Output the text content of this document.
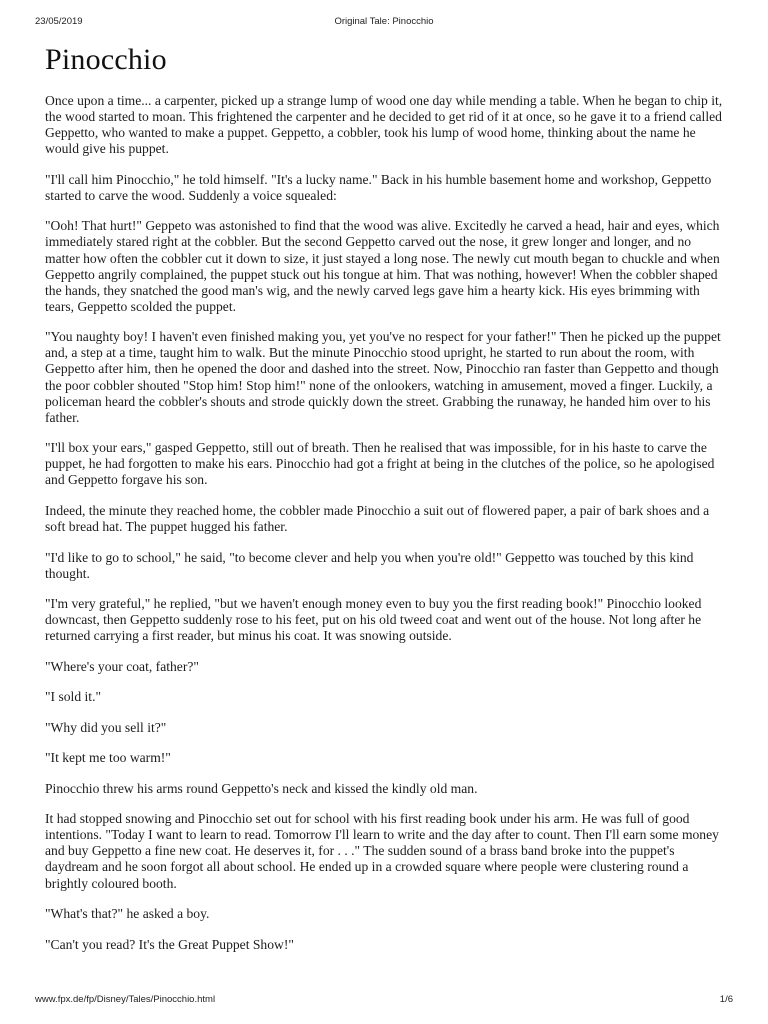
23/05/2019	Original Tale: Pinocchio
Pinocchio

Once upon a time... a carpenter, picked up a strange lump of wood one day while mending a table. When he began to chip it, the wood started to moan. This frightened the carpenter and he decided to get rid of it at once, so he gave it to a friend called Geppetto, who wanted to make a puppet. Geppetto, a cobbler, took his lump of wood home, thinking about the name he would give his puppet.

"I'll call him Pinocchio," he told himself. "It's a lucky name." Back in his humble basement home and workshop, Geppetto started to carve the wood. Suddenly a voice squealed:

"Ooh! That hurt!" Geppeto was astonished to find that the wood was alive. Excitedly he carved a head, hair and eyes, which immediately stared right at the cobbler. But the second Geppetto carved out the nose, it grew longer and longer, and no matter how often the cobbler cut it down to size, it just stayed a long nose. The newly cut mouth began to chuckle and when Geppetto angrily complained, the puppet stuck out his tongue at him. That was nothing, however! When the cobbler shaped the hands, they snatched the good man's wig, and the newly carved legs gave him a hearty kick. His eyes brimming with tears, Geppetto scolded the puppet.

"You naughty boy! I haven't even finished making you, yet you've no respect for your father!" Then he picked up the puppet and, a step at a time, taught him to walk. But the minute Pinocchio stood upright, he started to run about the room, with Geppetto after him, then he opened the door and dashed into the street. Now, Pinocchio ran faster than Geppetto and though the poor cobbler shouted "Stop him! Stop him!" none of the onlookers, watching in amusement, moved a finger. Luckily, a policeman heard the cobbler's shouts and strode quickly down the street. Grabbing the runaway, he handed him over to his father.

"I'll box your ears," gasped Geppetto, still out of breath. Then he realised that was impossible, for in his haste to carve the puppet, he had forgotten to make his ears. Pinocchio had got a fright at being in the clutches of the police, so he apologised and Geppetto forgave his son.

Indeed, the minute they reached home, the cobbler made Pinocchio a suit out of flowered paper, a pair of bark shoes and a soft bread hat. The puppet hugged his father.

"I'd like to go to school," he said, "to become clever and help you when you're old!" Geppetto was touched by this kind thought.

"I'm very grateful," he replied, "but we haven't enough money even to buy you the first reading book!" Pinocchio looked downcast, then Geppetto suddenly rose to his feet, put on his old tweed coat and went out of the house. Not long after he returned carrying a first reader, but minus his coat. It was snowing outside.

"Where's your coat, father?"

"I sold it."

"Why did you sell it?"

"It kept me too warm!"

Pinocchio threw his arms round Geppetto's neck and kissed the kindly old man.

It had stopped snowing and Pinocchio set out for school with his first reading book under his arm. He was full of good intentions. "Today I want to learn to read. Tomorrow I'll learn to write and the day after to count. Then I'll earn some money and buy Geppetto a fine new coat. He deserves it, for . . ." The sudden sound of a brass band broke into the puppet's daydream and he soon forgot all about school. He ended up in a crowded square where people were clustering round a brightly coloured booth.

"What's that?" he asked a boy.

"Can't you read? It's the Great Puppet Show!"

www.fpx.de/fp/Disney/Tales/Pinocchio.html	1/6
